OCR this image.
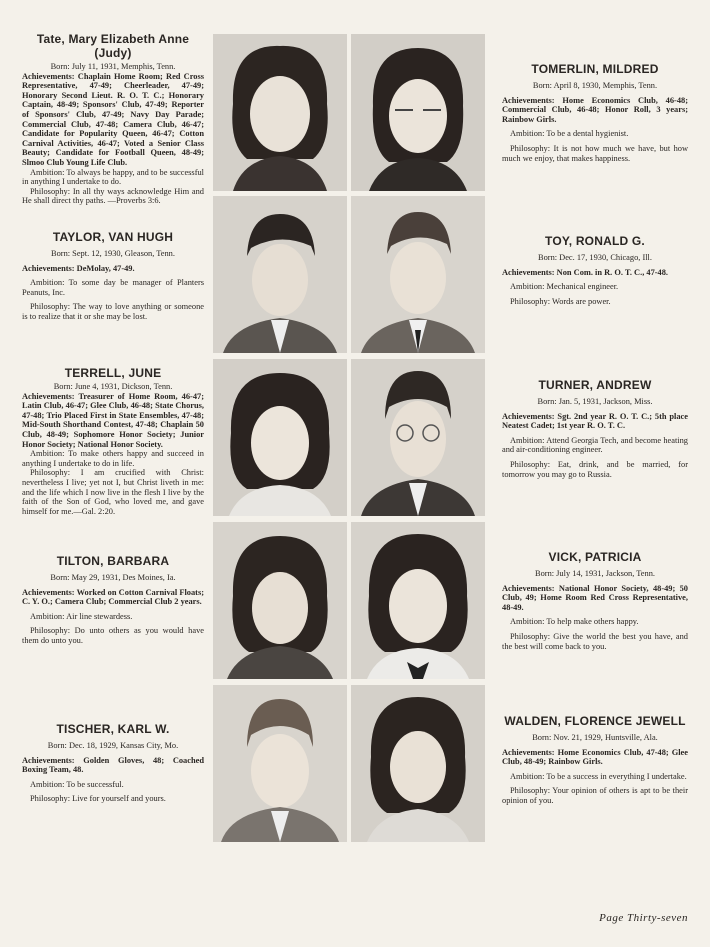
Tate, Mary Elizabeth Anne (Judy)

Born: July 11, 1931, Memphis, Tenn.

Achievements: Chaplain Home Room; Red Cross Representative, 47-49; Cheerleader, 47-49; Honorary Second Lieut. R. O. T. C.; Honorary Captain, 48-49; Sponsors' Club, 47-49; Reporter of Sponsors' Club, 47-49; Navy Day Parade; Commercial Club, 47-48; Camera Club, 46-47; Candidate for Popularity Queen, 46-47; Cotton Carnival Activities, 46-47; Voted a Senior Class Beauty; Candidate for Football Queen, 48-49; Slmoo Club Young Life Club.

Ambition: To always be happy, and to be successful in anything I undertake to do.

Philosophy: In all thy ways acknowledge Him and He shall direct thy paths. —Proverbs 3:6.

TOMERLIN, MILDRED

Born: April 8, 1930, Memphis, Tenn.

Achievements: Home Economics Club, 46-48; Commercial Club, 46-48; Honor Roll, 3 years; Rainbow Girls.

Ambition: To be a dental hygienist.

Philosophy: It is not how much we have, but how much we enjoy, that makes happiness.

TAYLOR, VAN HUGH

Born: Sept. 12, 1930, Gleason, Tenn.

Achievements: DeMolay, 47-49.

Ambition: To some day be manager of Planters Peanuts, Inc.

Philosophy: The way to love anything or someone is to realize that it or she may be lost.

TOY, RONALD G.

Born: Dec. 17, 1930, Chicago, Ill.

Achievements: Non Com. in R. O. T. C., 47-48.

Ambition: Mechanical engineer.

Philosophy: Words are power.

TERRELL, JUNE

Born: June 4, 1931, Dickson, Tenn.

Achievements: Treasurer of Home Room, 46-47; Latin Club, 46-47; Glee Club, 46-48; State Chorus, 47-48; Trio Placed First in State Ensembles, 47-48; Mid-South Shorthand Contest, 47-48; Chaplain 50 Club, 48-49; Sophomore Honor Society; Junior Honor Society; National Honor Society.

Ambition: To make others happy and succeed in anything I undertake to do in life.

Philosophy: I am crucified with Christ: nevertheless I live; yet not I, but Christ liveth in me: and the life which I now live in the flesh I live by the faith of the Son of God, who loved me, and gave himself for me.—Gal. 2:20.

TURNER, ANDREW

Born: Jan. 5, 1931, Jackson, Miss.

Achievements: Sgt. 2nd year R. O. T. C.; 5th place Neatest Cadet; 1st year R. O. T. C.

Ambition: Attend Georgia Tech, and become heating and air-conditioning engineer.

Philosophy: Eat, drink, and be married, for tomorrow you may go to Russia.

TILTON, BARBARA

Born: May 29, 1931, Des Moines, Ia.

Achievements: Worked on Cotton Carnival Floats; C. Y. O.; Camera Club; Commercial Club 2 years.

Ambition: Air line stewardess.

Philosophy: Do unto others as you would have them do unto you.

VICK, PATRICIA

Born: July 14, 1931, Jackson, Tenn.

Achievements: National Honor Society, 48-49; 50 Club, 49; Home Room Red Cross Representative, 48-49.

Ambition: To help make others happy.

Philosophy: Give the world the best you have, and the best will come back to you.

TISCHER, KARL W.

Born: Dec. 18, 1929, Kansas City, Mo.

Achievements: Golden Gloves, 48; Coached Boxing Team, 48.

Ambition: To be successful.

Philosophy: Live for yourself and yours.

WALDEN, FLORENCE JEWELL

Born: Nov. 21, 1929, Huntsville, Ala.

Achievements: Home Economics Club, 47-48; Glee Club, 48-49; Rainbow Girls.

Ambition: To be a success in everything I undertake.

Philosophy: Your opinion of others is apt to be their opinion of you.

Page Thirty-seven
